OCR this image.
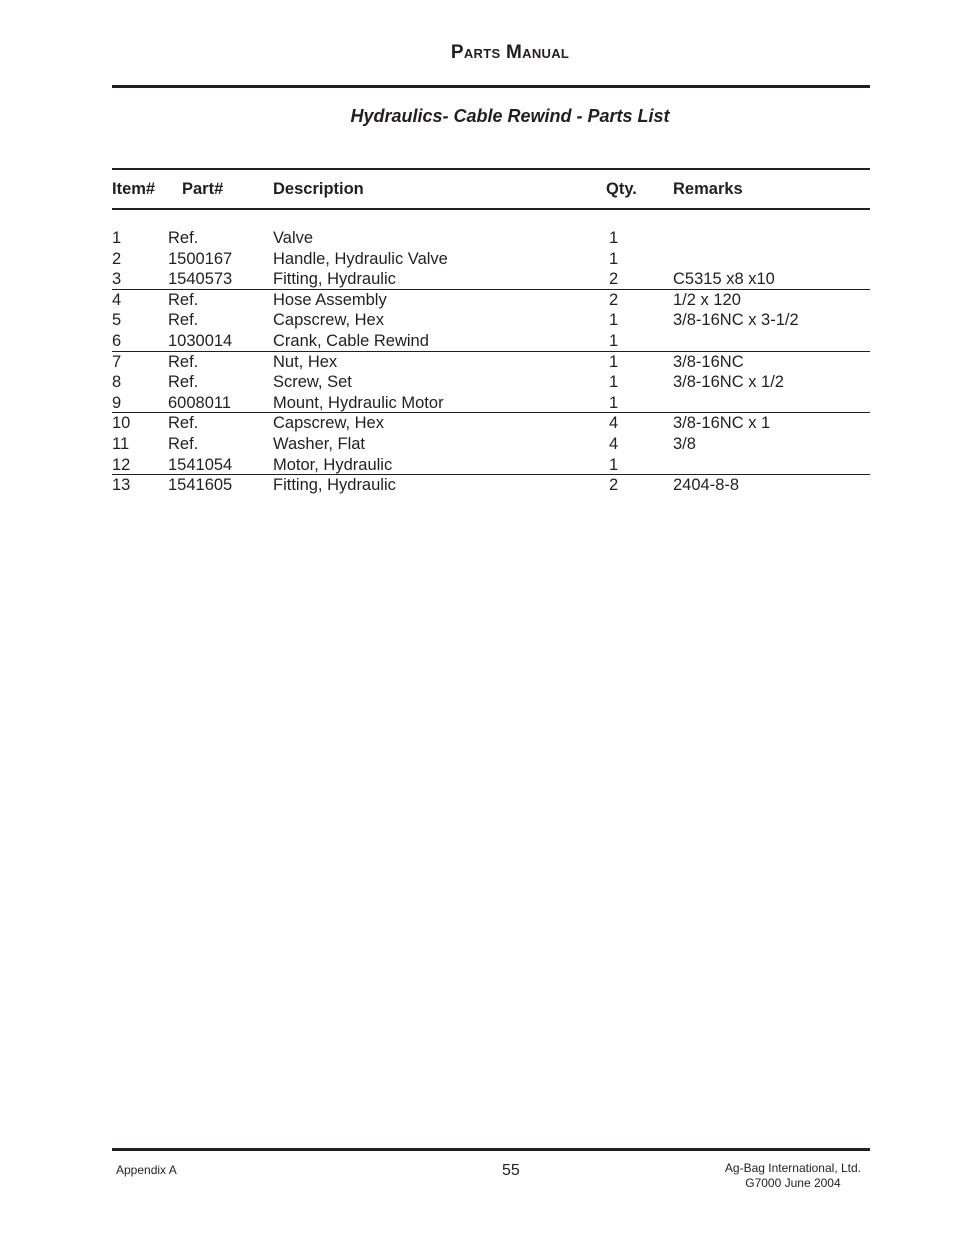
Parts Manual
Hydraulics- Cable Rewind - Parts List
Item# Part#	Description	Qty. Remarks
1	Ref.	Valve	1
2	1500167 Handle, Hydraulic Valve	1
3	1540573 Fitting, Hydraulic	2	C5315 x8 x10
4	Ref.	Hose Assembly	2	1/2 x 120
5	Ref.	Capscrew, Hex	1	3/8-16NC x 3-1/2
6	1030014 Crank, Cable Rewind	1
7	Ref.	Nut, Hex	1	3/8-16NC
8	Ref.	Screw, Set	1	3/8-16NC x 1/2
9	6008011	Mount, Hydraulic Motor	1
10 Ref.	Capscrew, Hex	4	3/8-16NC x 1
11 Ref.	Washer, Flat	4	3/8
12 1541054 Motor, Hydraulic	1
13 1541605 Fitting, Hydraulic	2	2404-8-8
Appendix A	55	Ag-Bag International, Ltd.
G7000 June 2004
